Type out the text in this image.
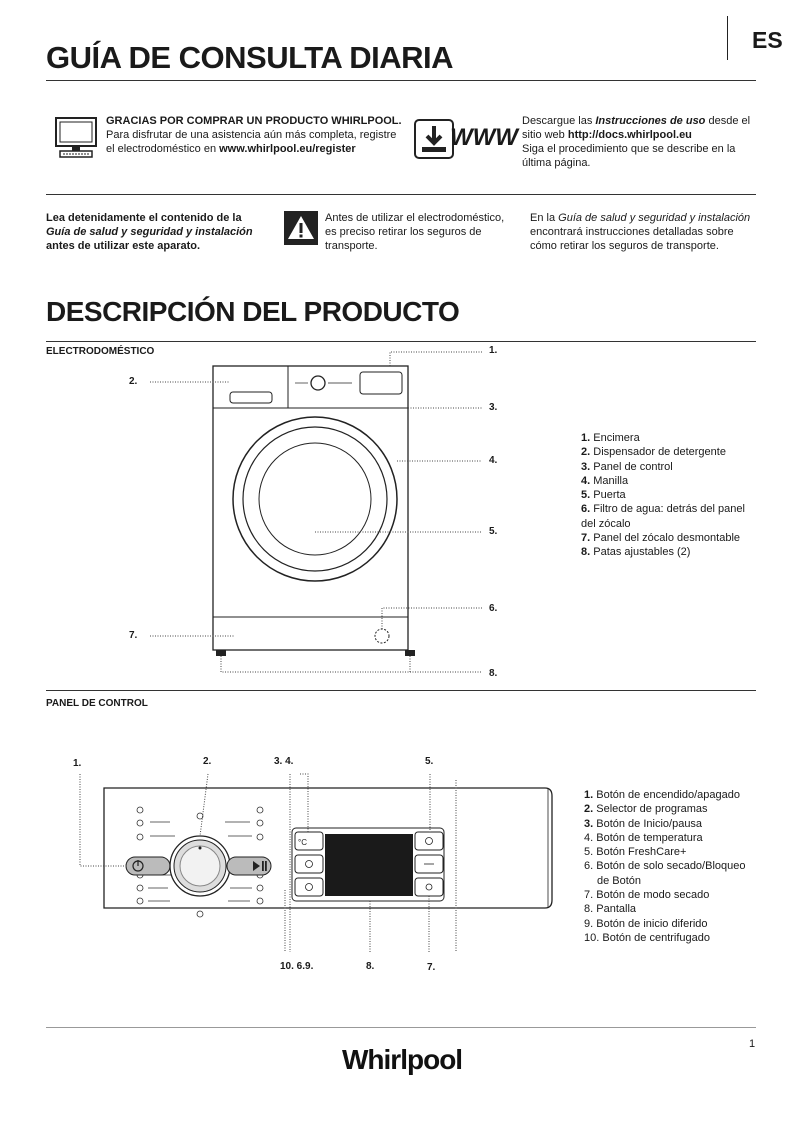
ES
GUÍA DE CONSULTA DIARIA
GRACIAS POR COMPRAR UN PRODUCTO WHIRLPOOL.
Para disfrutar de una asistencia aún más completa, registre
el electrodoméstico en www.whirlpool.eu/register	WWW
Descargue las Instrucciones de uso desde el
sitio web http://docs.whirlpool.eu
Siga el procedimiento que se describe en la
última página.
Lea detenidamente el contenido de la
Guía de salud y seguridad y instalación
antes de utilizar este aparato.
Antes de utilizar el electrodoméstico,
es preciso retirar los seguros de
transporte.
En la Guía de salud y seguridad y instalación
encontrará instrucciones detalladas sobre
cómo retirar los seguros de transporte.
DESCRIPCIÓN DEL PRODUCTO
ELECTRODOMÉSTICO	1.
2.
3.
4.
5.
6.
7.
8.
1. Encimera
2. Dispensador de detergente
3. Panel de control
4. Manilla
5. Puerta
6. Filtro de agua: detrás del panel
del zócalo
7. Panel del zócalo desmontable
8. Patas ajustables (2)
PANEL DE CONTROL
°C
1.	2.	3. 4.	5.
10. 6.9.	8.	7.
1. Botón de encendido/apagado
2. Selector de programas
3. Botón de Inicio/pausa
4. Botón de temperatura
5. Botón FreshCare+
6. Botón de solo secado/Bloqueo
de Botón
7. Botón de modo secado
8. Pantalla
9. Botón de inicio diferido
10. Botón de centrifugado
1
Whirlpool
